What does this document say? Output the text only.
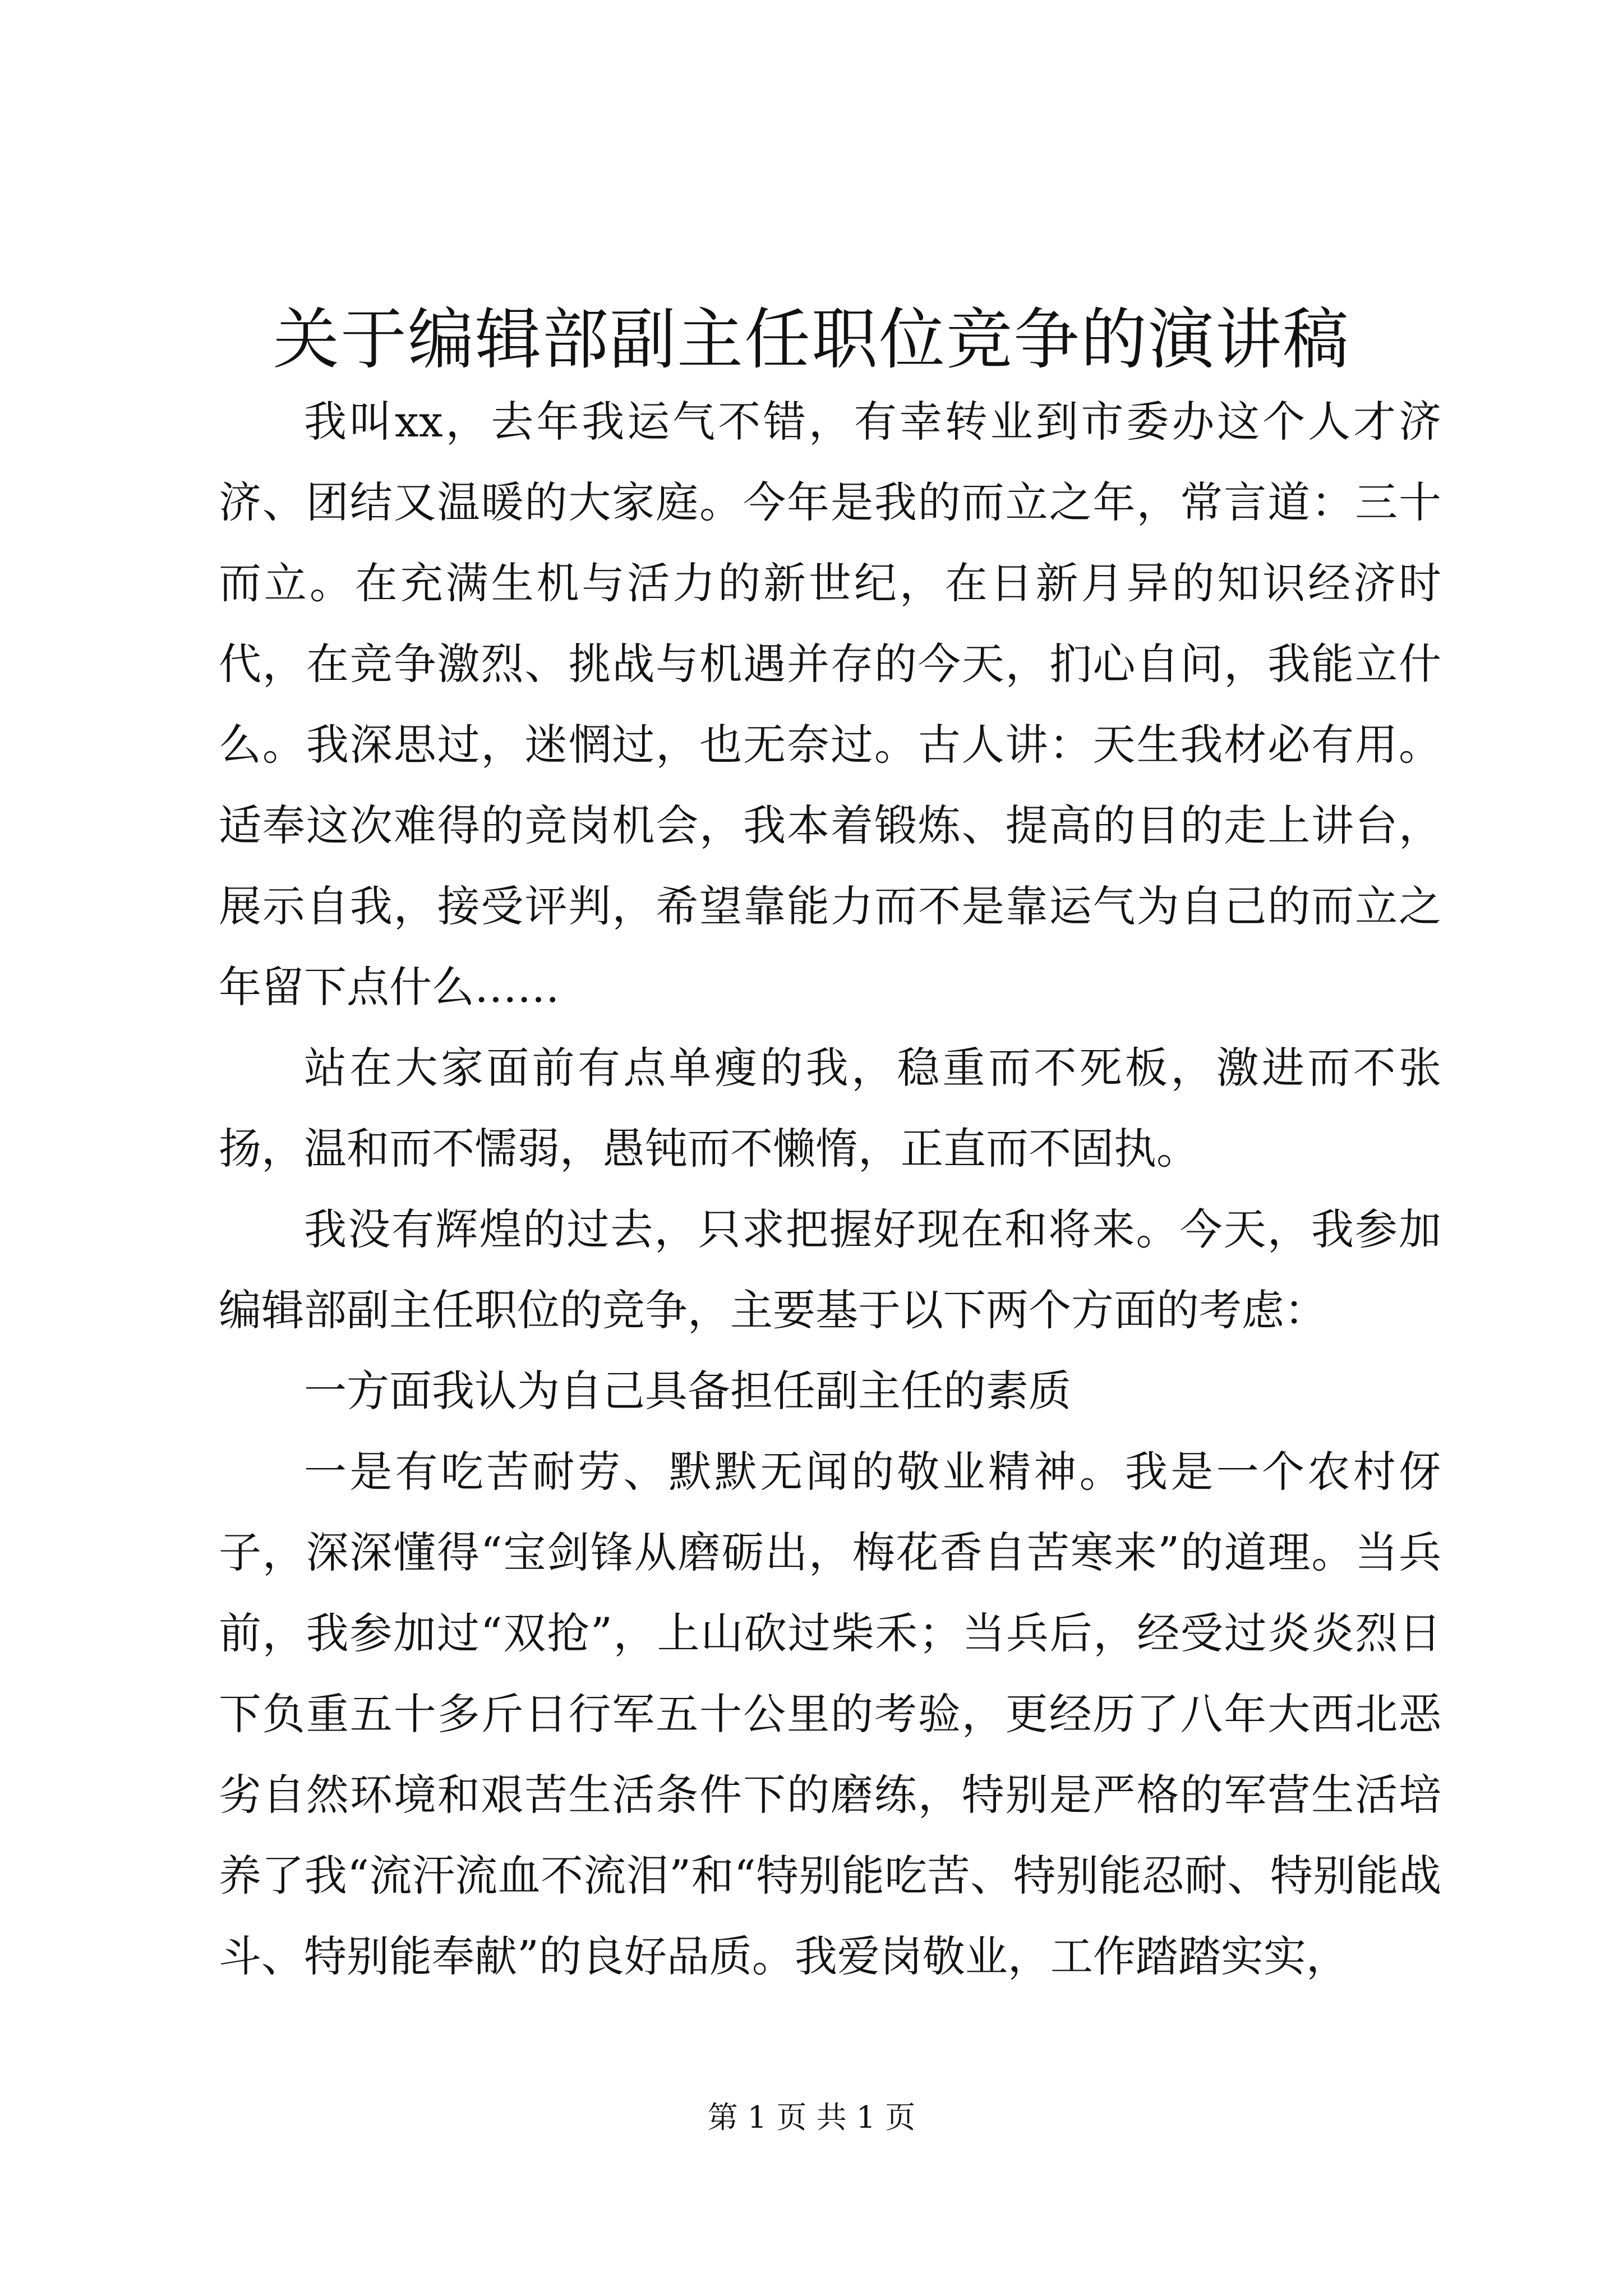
关于编辑部副主任职位竞争的演讲稿

我叫xx，去年我运气不错，有幸转业到市委办这个人才济济、团结又温暖的大家庭。今年是我的而立之年，常言道：三十而立。在充满生机与活力的新世纪，在日新月异的知识经济时代，在竞争激烈、挑战与机遇并存的今天，扪心自问，我能立什么。我深思过，迷惘过，也无奈过。古人讲：天生我材必有用。适奉这次难得的竞岗机会，我本着锻炼、提高的目的走上讲台，展示自我，接受评判，希望靠能力而不是靠运气为自己的而立之年留下点什么……

站在大家面前有点单瘦的我，稳重而不死板，激进而不张扬，温和而不懦弱，愚钝而不懒惰，正直而不固执。

我没有辉煌的过去，只求把握好现在和将来。今天，我参加编辑部副主任职位的竞争，主要基于以下两个方面的考虑：

一方面我认为自己具备担任副主任的素质

一是有吃苦耐劳、默默无闻的敬业精神。我是一个农村伢子，深深懂得“宝剑锋从磨砺出，梅花香自苦寒来”的道理。当兵前，我参加过“双抢”，上山砍过柴禾；当兵后，经受过炎炎烈日下负重五十多斤日行军五十公里的考验，更经历了八年大西北恶劣自然环境和艰苦生活条件下的磨练，特别是严格的军营生活培养了我“流汗流血不流泪”和“特别能吃苦、特别能忍耐、特别能战斗、特别能奉献”的良好品质。我爱岗敬业，工作踏踏实实，

第 1 页 共 1 页
